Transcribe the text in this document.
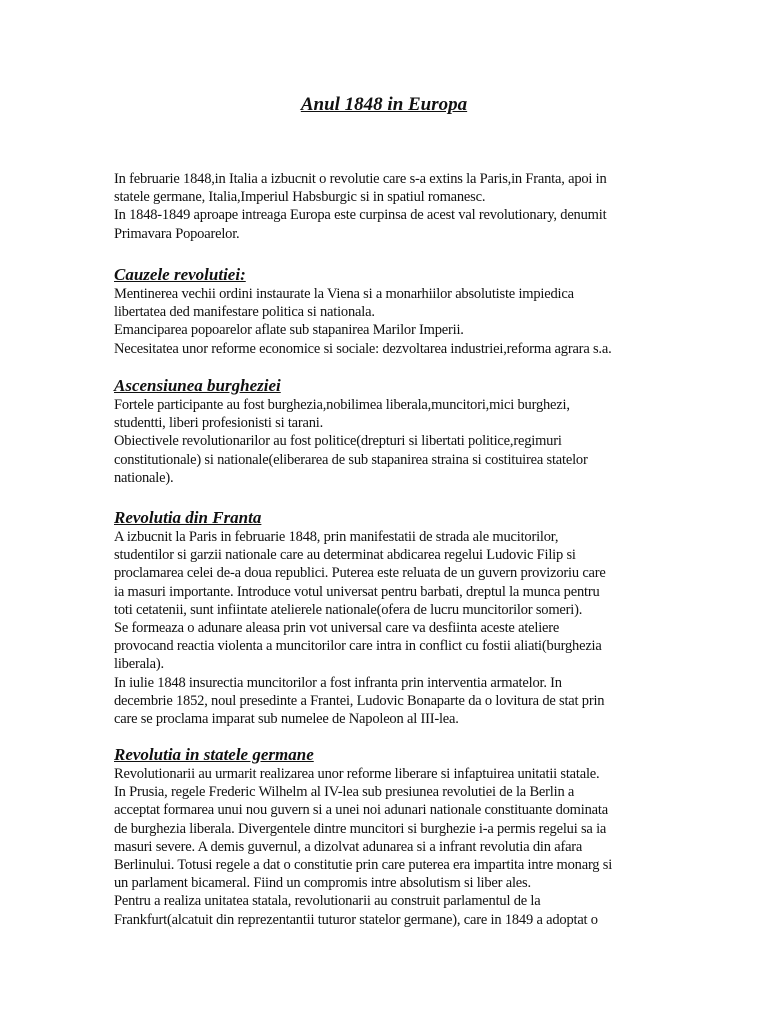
Anul 1848 in Europa

In februarie 1848,in Italia a izbucnit o revolutie care s-a extins la Paris,in Franta, apoi in

statele germane, Italia,Imperiul Habsburgic si in spatiul romanesc.

In 1848-1849 aproape intreaga Europa este curpinsa de acest val revolutionary, denumit

Primavara Popoarelor.

Cauzele revolutiei:

Mentinerea vechii ordini instaurate la Viena si a monarhiilor absolutiste impiedica

libertatea ded manifestare politica si nationala.

Emanciparea popoarelor aflate sub stapanirea Marilor Imperii.

Necesitatea unor reforme economice si sociale: dezvoltarea industriei,reforma agrara s.a.

Ascensiunea burgheziei

Fortele participante au fost burghezia,nobilimea liberala,muncitori,mici burghezi,

studentti, liberi profesionisti si tarani.

Obiectivele revolutionarilor au fost politice(drepturi si libertati politice,regimuri

constitutionale) si nationale(eliberarea de sub stapanirea straina si costituirea statelor

nationale).

Revolutia din Franta

A izbucnit la Paris in februarie 1848, prin manifestatii de strada ale mucitorilor,

studentilor si garzii nationale care au determinat abdicarea regelui Ludovic Filip si

proclamarea celei de-a doua republici. Puterea este reluata de un guvern provizoriu care

ia masuri importante. Introduce votul universat pentru barbati, dreptul la munca pentru

toti cetatenii, sunt infiintate atelierele nationale(ofera de lucru muncitorilor someri).

Se formeaza o adunare aleasa prin vot universal care va desfiinta aceste ateliere

provocand reactia violenta a muncitorilor care intra in conflict cu fostii aliati(burghezia

liberala).

In iulie 1848 insurectia muncitorilor a fost infranta prin interventia armatelor. In

decembrie 1852, noul presedinte a Frantei, Ludovic Bonaparte da o lovitura de stat prin

care se proclama imparat sub numelee de Napoleon al III-lea.

Revolutia in statele germane

Revolutionarii au urmarit realizarea unor reforme liberare si infaptuirea unitatii statale.

In Prusia, regele Frederic Wilhelm al IV-lea sub presiunea revolutiei de la Berlin a

acceptat formarea unui nou guvern si a unei noi adunari nationale constituante dominata

de burghezia liberala. Divergentele dintre muncitori si burghezie i-a permis regelui sa ia

masuri severe. A demis guvernul, a dizolvat adunarea si a infrant revolutia din afara

Berlinului. Totusi regele a dat o constitutie prin care puterea era impartita intre monarg si

un parlament bicameral. Fiind un compromis intre absolutism si liber ales.

Pentru a realiza unitatea statala, revolutionarii au construit parlamentul de la

Frankfurt(alcatuit din reprezentantii tuturor statelor germane), care in 1849 a adoptat o
